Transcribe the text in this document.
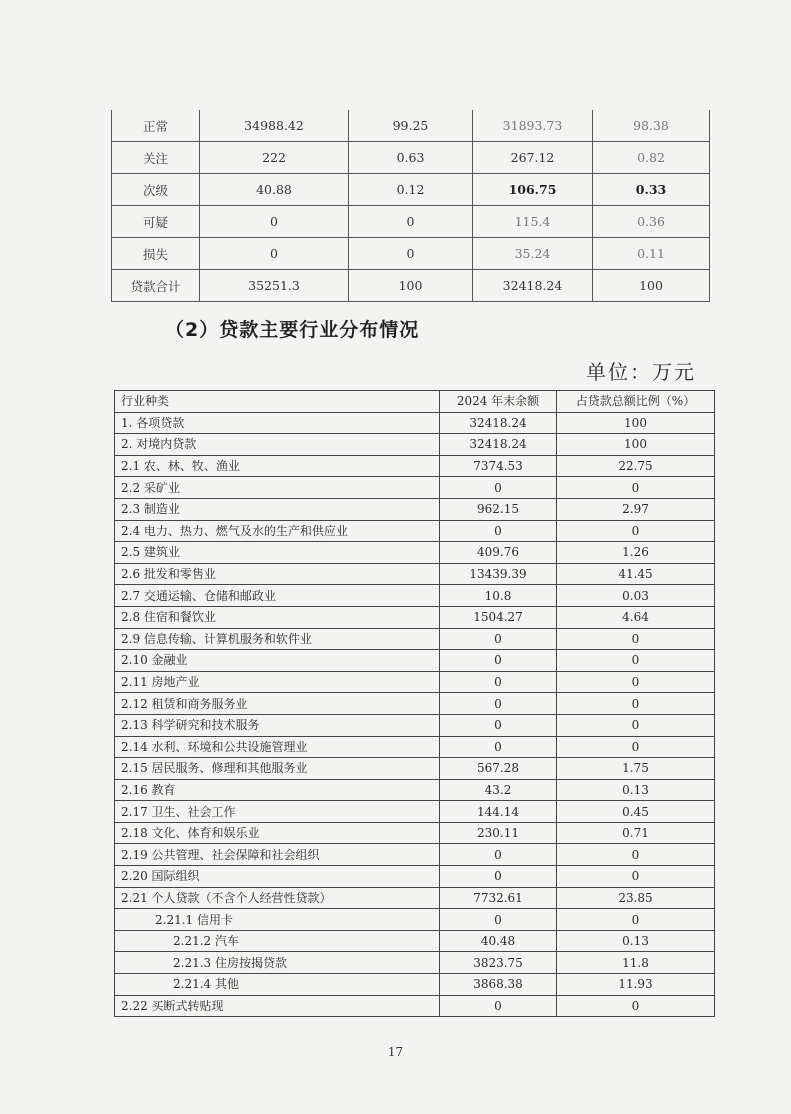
正常	34988.42	99.25	31893.73	98.38
关注	222	0.63	267.12	0.82
次级	40.88	0.12	106.75	0.33
可疑	0	0	115.4	0.36
损失	0	0	35.24	0.11
贷款合计	35251.3	100	32418.24	100
（2）贷款主要行业分布情况
单位：万元
行业种类	2024 年末余额	占贷款总额比例（%）
1. 各项贷款	32418.24	100
2. 对境内贷款	32418.24	100
2.1 农、林、牧、渔业	7374.53	22.75
2.2 采矿业	0	0
2.3 制造业	962.15	2.97
2.4 电力、热力、燃气及水的生产和供应业	0	0
2.5 建筑业	409.76	1.26
2.6 批发和零售业	13439.39	41.45
2.7 交通运输、仓储和邮政业	10.8	0.03
2.8 住宿和餐饮业	1504.27	4.64
2.9 信息传输、计算机服务和软件业	0	0
2.10 金融业	0	0
2.11 房地产业	0	0
2.12 租赁和商务服务业	0	0
2.13 科学研究和技术服务	0	0
2.14 水利、环境和公共设施管理业	0	0
2.15 居民服务、修理和其他服务业	567.28	1.75
2.16 教育	43.2	0.13
2.17 卫生、社会工作	144.14	0.45
2.18 文化、体育和娱乐业	230.11	0.71
2.19 公共管理、社会保障和社会组织	0	0
2.20 国际组织	0	0
2.21 个人贷款（不含个人经营性贷款）	7732.61	23.85
2.21.1 信用卡	0	0
2.21.2 汽车	40.48	0.13
2.21.3 住房按揭贷款	3823.75	11.8
2.21.4 其他	3868.38	11.93
2.22 买断式转贴现	0	0
17
